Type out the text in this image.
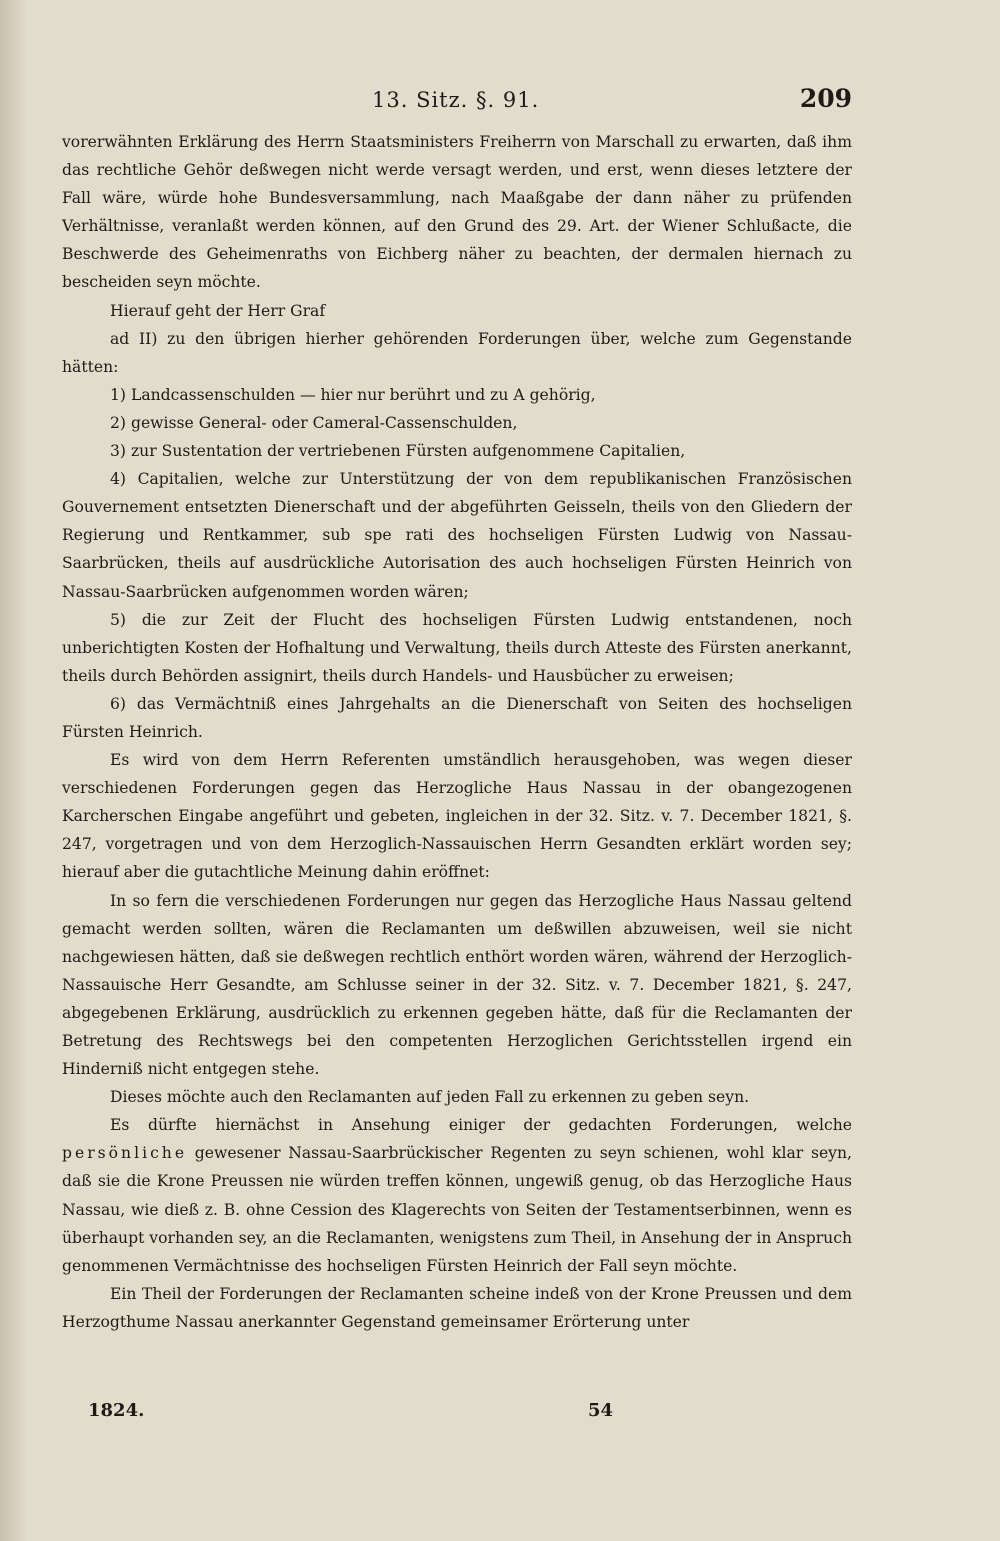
13. Sitz. §. 91.	209

vorerwähnten Erklärung des Herrn Staatsministers Freiherrn von Marschall zu erwarten, daß ihm das rechtliche Gehör deßwegen nicht werde versagt werden, und erst, wenn dieses letztere der Fall wäre, würde hohe Bundesversammlung, nach Maaßgabe der dann näher zu prüfenden Verhältnisse, veranlaßt werden können, auf den Grund des 29. Art. der Wiener Schlußacte, die Beschwerde des Geheimenraths von Eichberg näher zu beachten, der dermalen hiernach zu bescheiden seyn möchte.

Hierauf geht der Herr Graf

ad II) zu den übrigen hierher gehörenden Forderungen über, welche zum Gegenstande hätten:

1) Landcassenschulden — hier nur berührt und zu A gehörig,

2) gewisse General- oder Cameral-Cassenschulden,

3) zur Sustentation der vertriebenen Fürsten aufgenommene Capitalien,

4) Capitalien, welche zur Unterstützung der von dem republikanischen Französischen Gouvernement entsetzten Dienerschaft und der abgeführten Geisseln, theils von den Gliedern der Regierung und Rentkammer, sub spe rati des hochseligen Fürsten Ludwig von Nassau-Saarbrücken, theils auf ausdrückliche Autorisation des auch hochseligen Fürsten Heinrich von Nassau-Saarbrücken aufgenommen worden wären;

5) die zur Zeit der Flucht des hochseligen Fürsten Ludwig entstandenen, noch unberichtigten Kosten der Hofhaltung und Verwaltung, theils durch Atteste des Fürsten anerkannt, theils durch Behörden assignirt, theils durch Handels- und Hausbücher zu erweisen;

6) das Vermächtniß eines Jahrgehalts an die Dienerschaft von Seiten des hochseligen Fürsten Heinrich.

Es wird von dem Herrn Referenten umständlich herausgehoben, was wegen dieser verschiedenen Forderungen gegen das Herzogliche Haus Nassau in der obangezogenen Karcherschen Eingabe angeführt und gebeten, ingleichen in der 32. Sitz. v. 7. December 1821, §. 247, vorgetragen und von dem Herzoglich-Nassauischen Herrn Gesandten erklärt worden sey; hierauf aber die gutachtliche Meinung dahin eröffnet:

In so fern die verschiedenen Forderungen nur gegen das Herzogliche Haus Nassau geltend gemacht werden sollten, wären die Reclamanten um deßwillen abzuweisen, weil sie nicht nachgewiesen hätten, daß sie deßwegen rechtlich enthört worden wären, während der Herzoglich-Nassauische Herr Gesandte, am Schlusse seiner in der 32. Sitz. v. 7. December 1821, §. 247, abgegebenen Erklärung, ausdrücklich zu erkennen gegeben hätte, daß für die Reclamanten der Betretung des Rechtswegs bei den competenten Herzoglichen Gerichtsstellen irgend ein Hinderniß nicht entgegen stehe.

Dieses möchte auch den Reclamanten auf jeden Fall zu erkennen zu geben seyn.

Es dürfte hiernächst in Ansehung einiger der gedachten Forderungen, welche persönliche gewesener Nassau-Saarbrückischer Regenten zu seyn schienen, wohl klar seyn, daß sie die Krone Preussen nie würden treffen können, ungewiß genug, ob das Herzogliche Haus Nassau, wie dieß z. B. ohne Cession des Klagerechts von Seiten der Testamentserbinnen, wenn es überhaupt vorhanden sey, an die Reclamanten, wenigstens zum Theil, in Ansehung der in Anspruch genommenen Vermächtnisse des hochseligen Fürsten Heinrich der Fall seyn möchte.

Ein Theil der Forderungen der Reclamanten scheine indeß von der Krone Preussen und dem Herzogthume Nassau anerkannter Gegenstand gemeinsamer Erörterung unter

1824.	54
